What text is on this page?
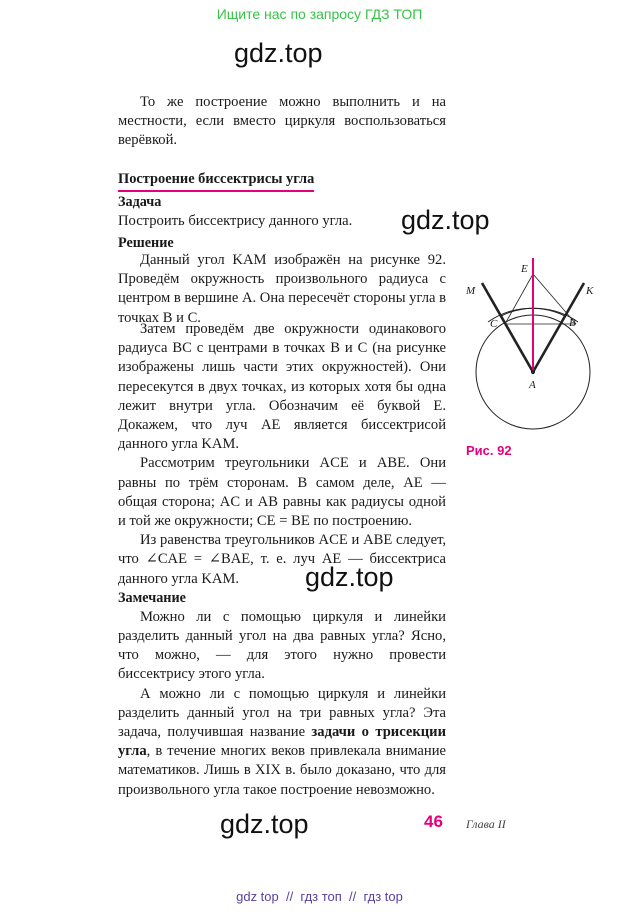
Ищите нас по запросу ГДЗ ТОП
gdz.top

То же построение можно выполнить и на местности, если вместо циркуля воспользоваться верёвкой.

Построение биссектрисы угла

Задача

Построить биссектрису данного угла.

Решение

gdz.top

Данный угол KAM изображён на рисунке 92. Проведём окружность произвольного радиуса с центром в вершине A. Она пересечёт стороны угла в точках B и C.

Затем проведём две окружности одинакового радиуса BC с центрами в точках B и C (на рисунке изображены лишь части этих окружностей). Они пересекутся в двух точках, из которых хотя бы одна лежит внутри угла. Обозначим её буквой E. Докажем, что луч AE является биссектрисой данного угла KAM.

Рассмотрим треугольники ACE и ABE. Они равны по трём сторонам. В самом деле, AE — общая сторона; AC и AB равны как радиусы одной и той же окружности; CE = BE по построению.

Из равенства треугольников ACE и ABE следует, что ∠CAE = ∠BAE, т. е. луч AE — биссектриса данного угла KAM.

Замечание

Можно ли с помощью циркуля и линейки разделить данный угол на два равных угла? Ясно, что можно, — для этого нужно провести биссектрису этого угла.

А можно ли с помощью циркуля и линейки разделить данный угол на три равных угла? Эта задача, получившая название задачи о трисекции угла, в течение многих веков привлекала внимание математиков. Лишь в XIX в. было доказано, что для произвольного угла такое построение невозможно.

gdz.top
E
M	K
C	B
A
Рис. 92
gdz.top	46 Глава II
gdz top  //  гдз топ  //  гдз top
